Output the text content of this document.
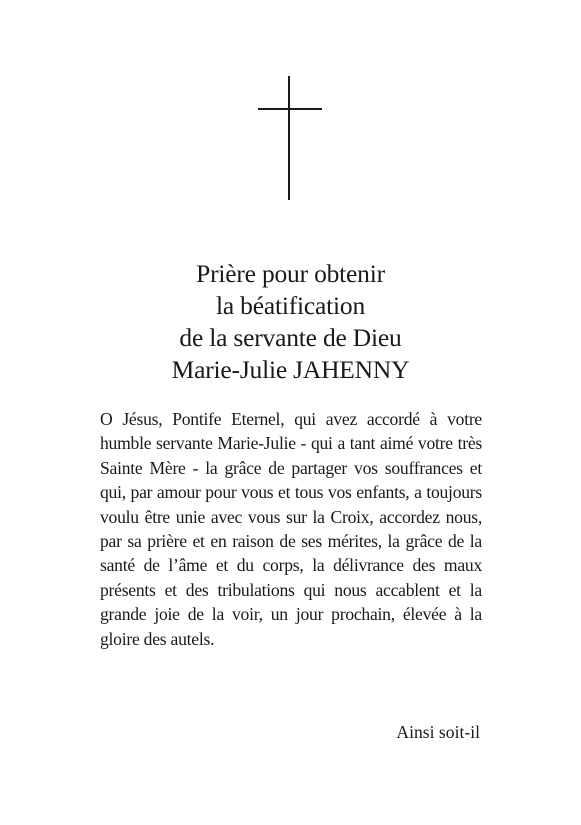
Prière pour obtenir
la béatification
de la servante de Dieu
Marie-Julie JAHENNY
O Jésus, Pontife Eternel, qui avez accordé à votre humble servante Marie-Julie - qui a tant aimé votre très Sainte Mère - la grâce de partager vos souffrances et qui, par amour pour vous et tous vos enfants, a toujours voulu être unie avec vous sur la Croix, accordez nous, par sa prière et en raison de ses mérites, la grâce de la santé de l’âme et du corps, la délivrance des maux présents et des tribulations qui nous accablent et la grande joie de la voir, un jour prochain, élevée à la gloire des autels.
Ainsi soit-il
